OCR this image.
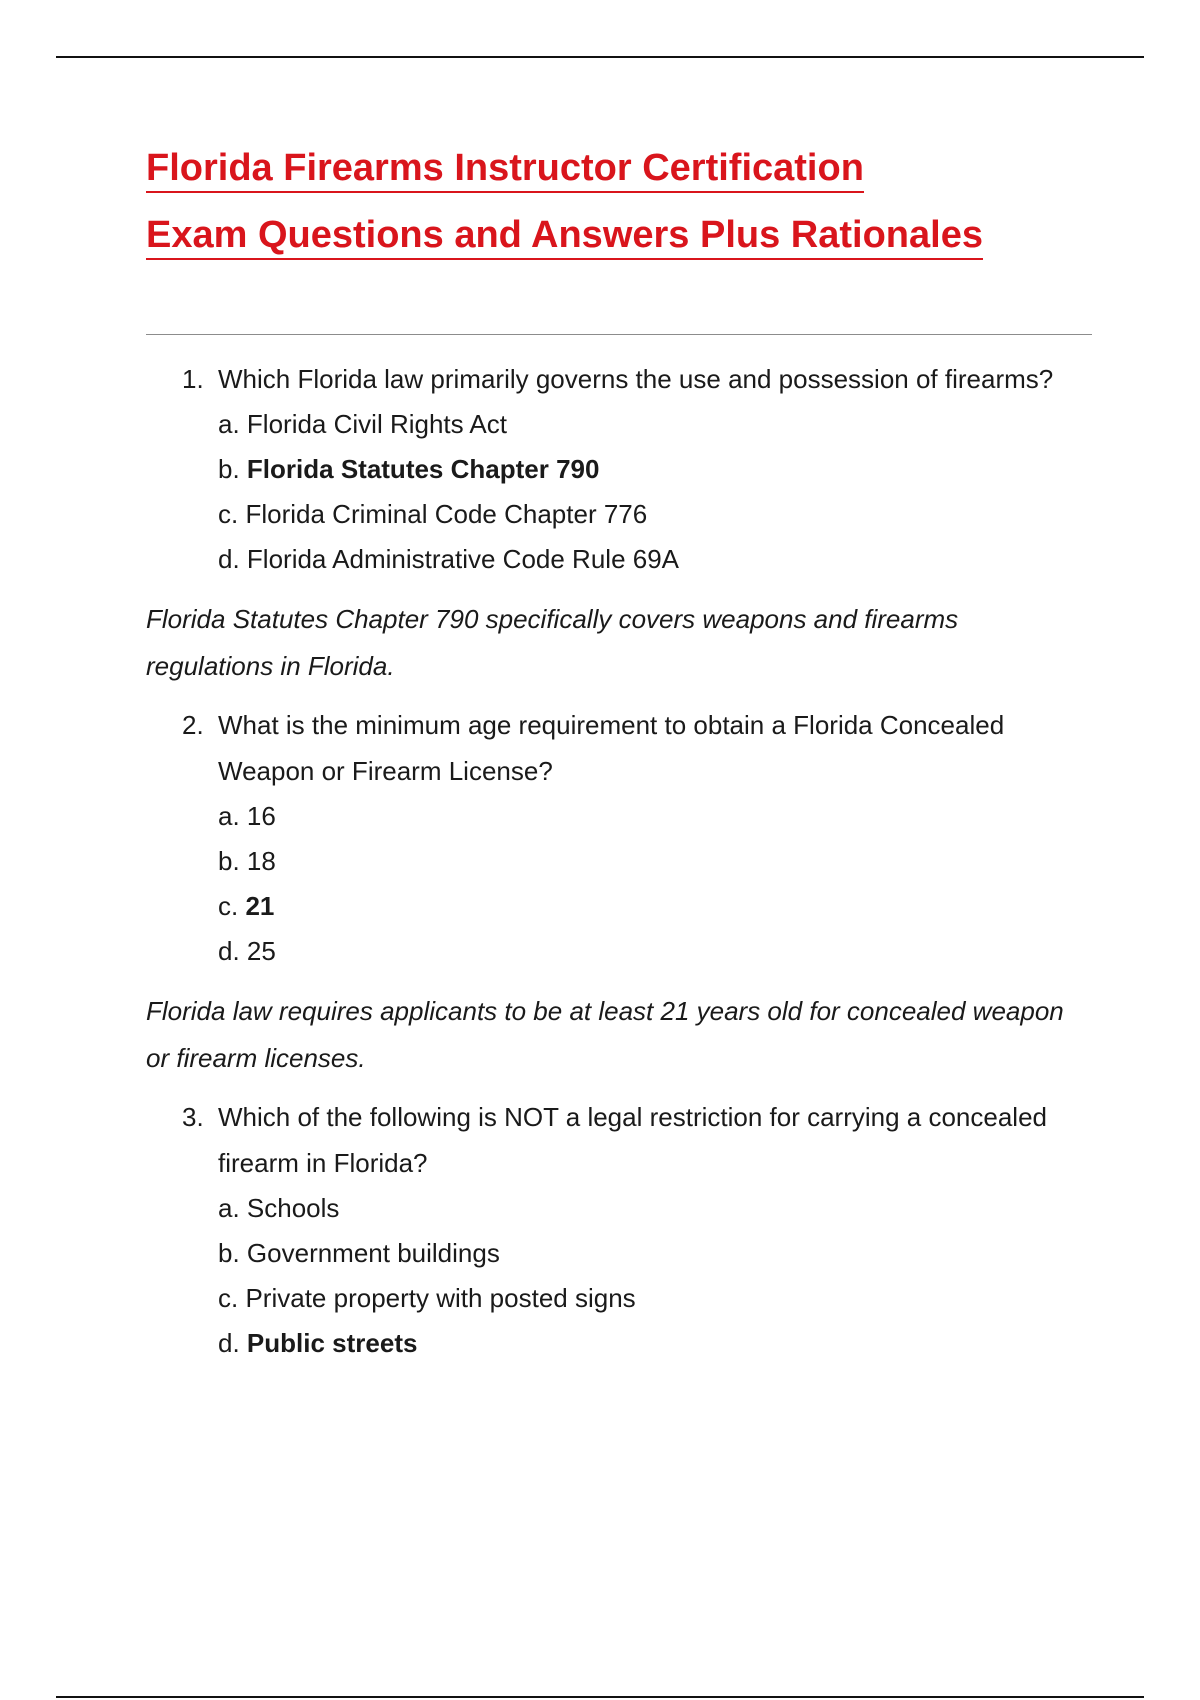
Florida Firearms Instructor Certification
Exam Questions and Answers Plus Rationales
1. Which Florida law primarily governs the use and possession of firearms?
a. Florida Civil Rights Act
b. Florida Statutes Chapter 790
c. Florida Criminal Code Chapter 776
d. Florida Administrative Code Rule 69A
Florida Statutes Chapter 790 specifically covers weapons and firearms regulations in Florida.
2. What is the minimum age requirement to obtain a Florida Concealed Weapon or Firearm License?
a. 16
b. 18
c. 21
d. 25
Florida law requires applicants to be at least 21 years old for concealed weapon or firearm licenses.
3. Which of the following is NOT a legal restriction for carrying a concealed firearm in Florida?
a. Schools
b. Government buildings
c. Private property with posted signs
d. Public streets
